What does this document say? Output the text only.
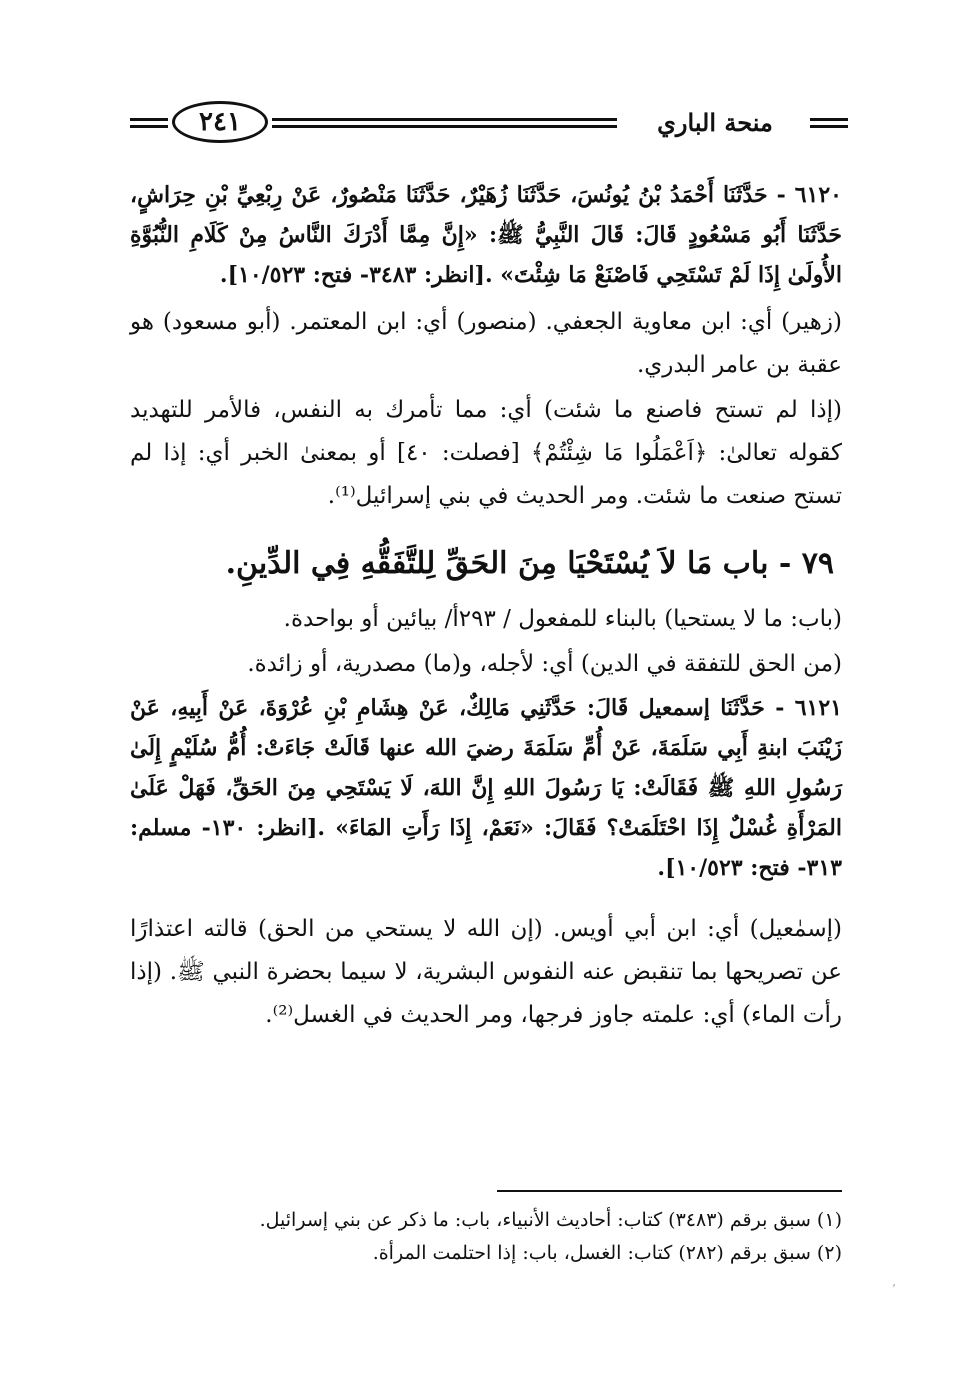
٢٤١	منحة الباري

٦١٢٠ - حَدَّثَنَا أَحْمَدُ بْنُ يُونُسَ، حَدَّثَنَا زُهَيْرٌ، حَدَّثَنَا مَنْصُورٌ، عَنْ رِبْعِيِّ بْنِ حِرَاشٍ، حَدَّثَنَا أَبُو مَسْعُودٍ قَالَ: قَالَ النَّبِيُّ ﷺ: «إِنَّ مِمَّا أَدْرَكَ النَّاسُ مِنْ كَلَامِ النُّبُوَّةِ الأُولَىٰ إِذَا لَمْ تَسْتَحِي فَاصْنَعْ مَا شِئْتَ» .[انظر: ٣٤٨٣- فتح: ١٠/٥٢٣].

(زهير) أي: ابن معاوية الجعفي. (منصور) أي: ابن المعتمر. (أبو مسعود) هو عقبة بن عامر البدري.

(إذا لم تستح فاصنع ما شئت) أي: مما تأمرك به النفس، فالأمر للتهديد كقوله تعالىٰ: ﴿اَعْمَلُوا مَا شِئْتُمْ﴾ [فصلت: ٤٠] أو بمعنىٰ الخبر أي: إذا لم تستح صنعت ما شئت. ومر الحديث في بني إسرائيل⁽¹⁾.

٧٩ - باب مَا لاَ يُسْتَحْيَا مِنَ الحَقِّ لِلتَّفَقُّهِ فِي الدِّينِ.

(باب: ما لا يستحيا) بالبناء للمفعول / ٢٩٣أ/ بيائين أو بواحدة.

(من الحق للتفقة في الدين) أي: لأجله، و(ما) مصدرية، أو زائدة.

٦١٢١ - حَدَّثَنَا إسمعيل قَالَ: حَدَّثَنِي مَالِكٌ، عَنْ هِشَامِ بْنِ عُرْوَةَ، عَنْ أَبِيهِ، عَنْ زَيْنَبَ ابنةِ أَبِي سَلَمَةَ، عَنْ أُمِّ سَلَمَةَ رضيَ الله عنها قَالَتْ جَاءَتْ: أُمُّ سُلَيْمٍ إِلَىٰ رَسُولِ اللهِ ﷺ فَقَالَتْ: يَا رَسُولَ اللهِ إِنَّ اللهَ، لَا يَسْتَحِي مِنَ الحَقِّ، فَهَلْ عَلَىٰ المَرْأَةِ غُسْلٌ إِذَا احْتَلَمَتْ؟ فَقَالَ: «نَعَمْ، إِذَا رَأَتِ المَاءَ» .[انظر: ١٣٠- مسلم: ٣١٣- فتح: ١٠/٥٢٣].

(إسمٰعيل) أي: ابن أبي أويس. (إن الله لا يستحي من الحق) قالته اعتذارًا عن تصريحها بما تنقبض عنه النفوس البشرية، لا سيما بحضرة النبي ﷺ. (إذا رأت الماء) أي: علمته جاوز فرجها، ومر الحديث في الغسل⁽²⁾.

(١) سبق برقم (٣٤٨٣) كتاب: أحاديث الأنبياء، باب: ما ذكر عن بني إسرائيل.

(٢) سبق برقم (٢٨٢) كتاب: الغسل، باب: إذا احتلمت المرأة.

’
